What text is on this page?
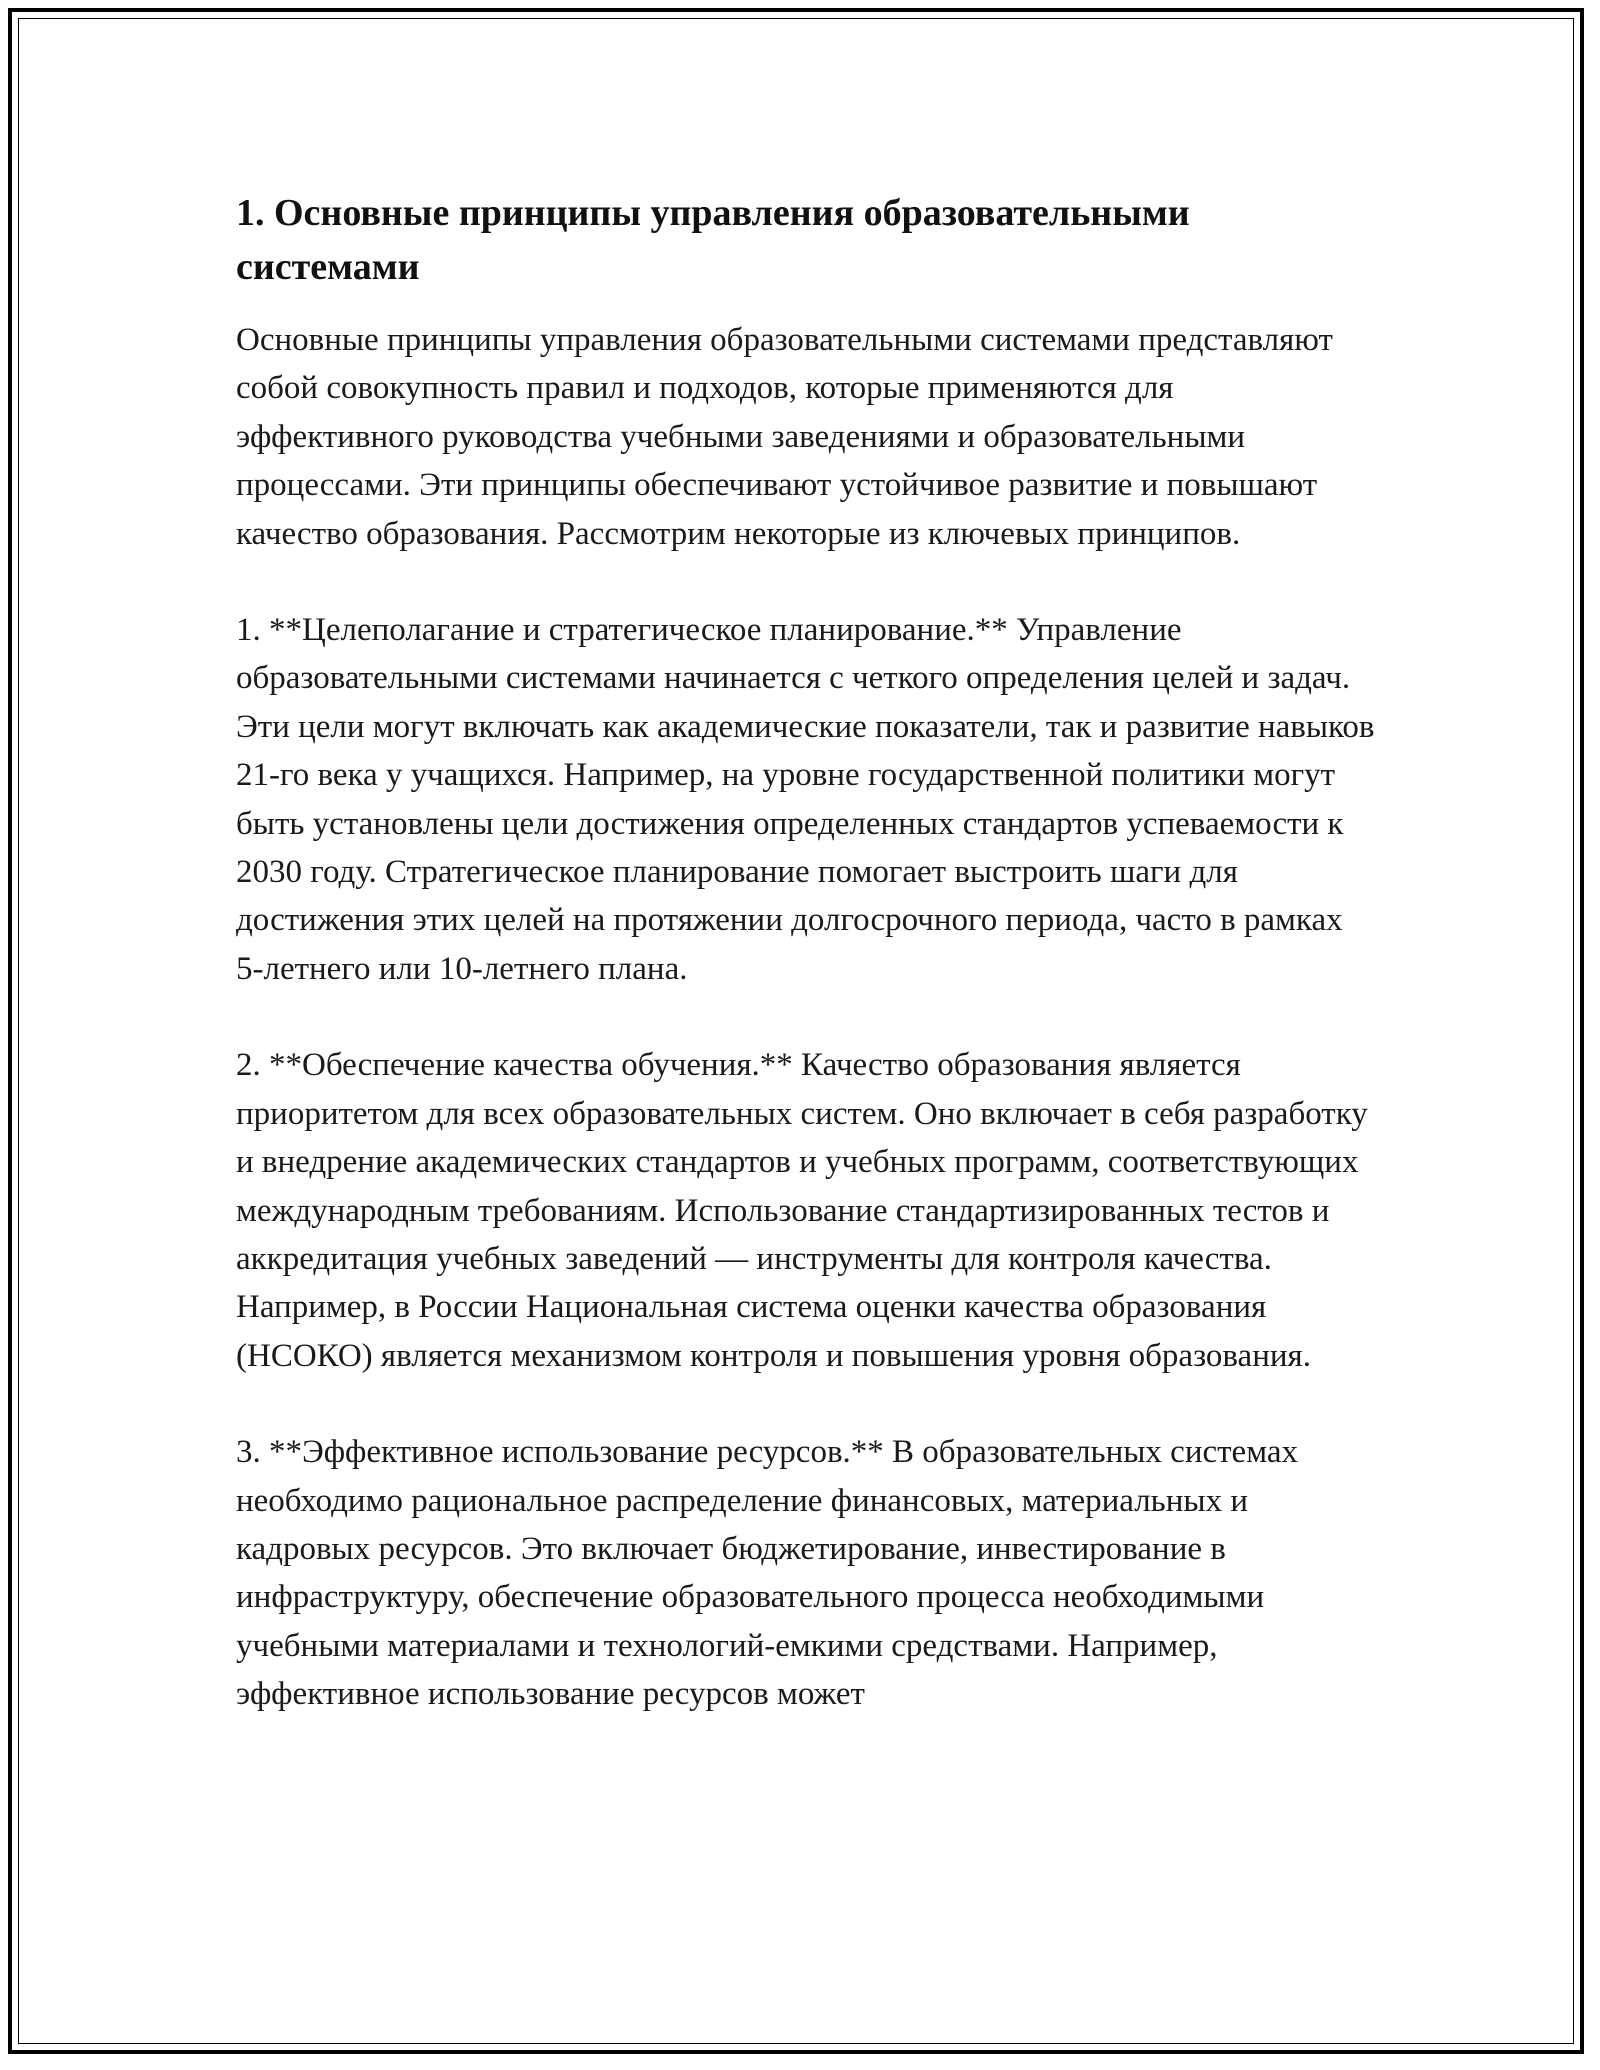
1. Основные принципы управления образовательными системами

Основные принципы управления образовательными системами представляют собой совокупность правил и подходов, которые применяются для эффективного руководства учебными заведениями и образовательными процессами. Эти принципы обеспечивают устойчивое развитие и повышают качество образования. Рассмотрим некоторые из ключевых принципов.

1. **Целеполагание и стратегическое планирование.** Управление образовательными системами начинается с четкого определения целей и задач. Эти цели могут включать как академические показатели, так и развитие навыков 21-го века у учащихся. Например, на уровне государственной политики могут быть установлены цели достижения определенных стандартов успеваемости к 2030 году. Стратегическое планирование помогает выстроить шаги для достижения этих целей на протяжении долгосрочного периода, часто в рамках 5-летнего или 10-летнего плана.

2. **Обеспечение качества обучения.** Качество образования является приоритетом для всех образовательных систем. Оно включает в себя разработку и внедрение академических стандартов и учебных программ, соответствующих международным требованиям. Использование стандартизированных тестов и аккредитация учебных заведений — инструменты для контроля качества. Например, в России Национальная система оценки качества образования (НСОКО) является механизмом контроля и повышения уровня образования.

3. **Эффективное использование ресурсов.** В образовательных системах необходимо рациональное распределение финансовых, материальных и кадровых ресурсов. Это включает бюджетирование, инвестирование в инфраструктуру, обеспечение образовательного процесса необходимыми учебными материалами и технологий-емкими средствами. Например, эффективное использование ресурсов может
